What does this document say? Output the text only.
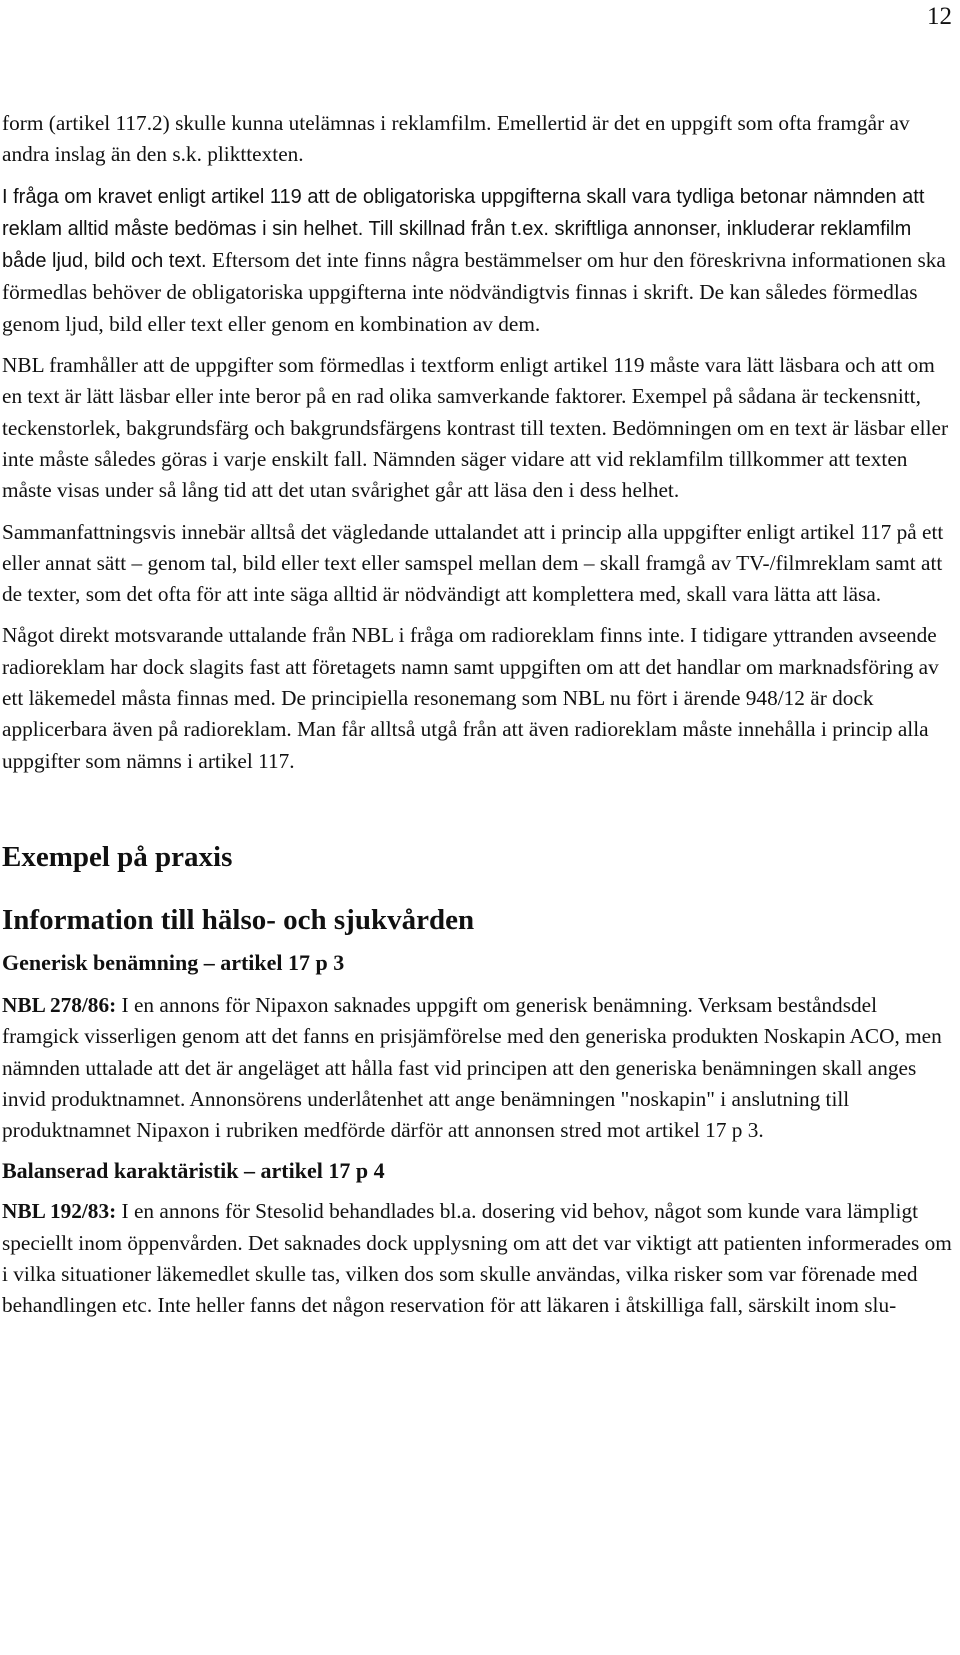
12

form (artikel 117.2) skulle kunna utelämnas i reklamfilm. Emellertid är det en uppgift som ofta framgår av andra inslag än den s.k. plikttexten.

I fråga om kravet enligt artikel 119 att de obligatoriska uppgifterna skall vara tydliga betonar nämnden att reklam alltid måste bedömas i sin helhet. Till skillnad från t.ex. skriftliga annonser, inkluderar reklamfilm både ljud, bild och text. Eftersom det inte finns några bestämmelser om hur den föreskrivna informationen ska förmedlas behöver de obligatoriska uppgifterna inte nödvändigtvis finnas i skrift. De kan således förmedlas genom ljud, bild eller text eller genom en kombination av dem.

NBL framhåller att de uppgifter som förmedlas i textform enligt artikel 119 måste vara lätt läsbara och att om en text är lätt läsbar eller inte beror på en rad olika samverkande faktorer. Exempel på sådana är teckensnitt, teckenstorlek, bakgrundsfärg och bakgrundsfärgens kontrast till texten. Bedömningen om en text är läsbar eller inte måste således göras i varje enskilt fall. Nämnden säger vidare att vid reklamfilm tillkommer att texten måste visas under så lång tid att det utan svårighet går att läsa den i dess helhet.

Sammanfattningsvis innebär alltså det vägledande uttalandet att i princip alla uppgifter enligt artikel 117 på ett eller annat sätt – genom tal, bild eller text eller samspel mellan dem – skall framgå av TV-/filmreklam samt att de texter, som det ofta för att inte säga alltid är nödvändigt att komplettera med, skall vara lätta att läsa.

Något direkt motsvarande uttalande från NBL i fråga om radioreklam finns inte. I tidigare yttranden avseende radioreklam har dock slagits fast att företagets namn samt uppgiften om att det handlar om marknadsföring av ett läkemedel måsta finnas med. De principiella resonemang som NBL nu fört i ärende 948/12 är dock applicerbara även på radioreklam. Man får alltså utgå från att även radioreklam måste innehålla i princip alla uppgifter som nämns i artikel 117.

Exempel på praxis
Information till hälso- och sjukvården
Generisk benämning – artikel 17 p 3

NBL 278/86: I en annons för Nipaxon saknades uppgift om generisk benämning. Verksam beståndsdel framgick visserligen genom att det fanns en prisjämförelse med den generiska produkten Noskapin ACO, men nämnden uttalade att det är angeläget att hålla fast vid principen att den generiska benämningen skall anges invid produktnamnet. Annonsörens underlåtenhet att ange benämningen "noskapin" i anslutning till produktnamnet Nipaxon i rubriken medförde därför att annonsen stred mot artikel 17 p 3.

Balanserad karaktäristik – artikel 17 p 4

NBL 192/83: I en annons för Stesolid behandlades bl.a. dosering vid behov, något som kunde vara lämpligt speciellt inom öppenvården. Det saknades dock upplysning om att det var viktigt att patienten informerades om i vilka situationer läkemedlet skulle tas, vilken dos som skulle användas, vilka risker som var förenade med behandlingen etc. Inte heller fanns det någon reservation för att läkaren i åtskilliga fall, särskilt inom slu-
